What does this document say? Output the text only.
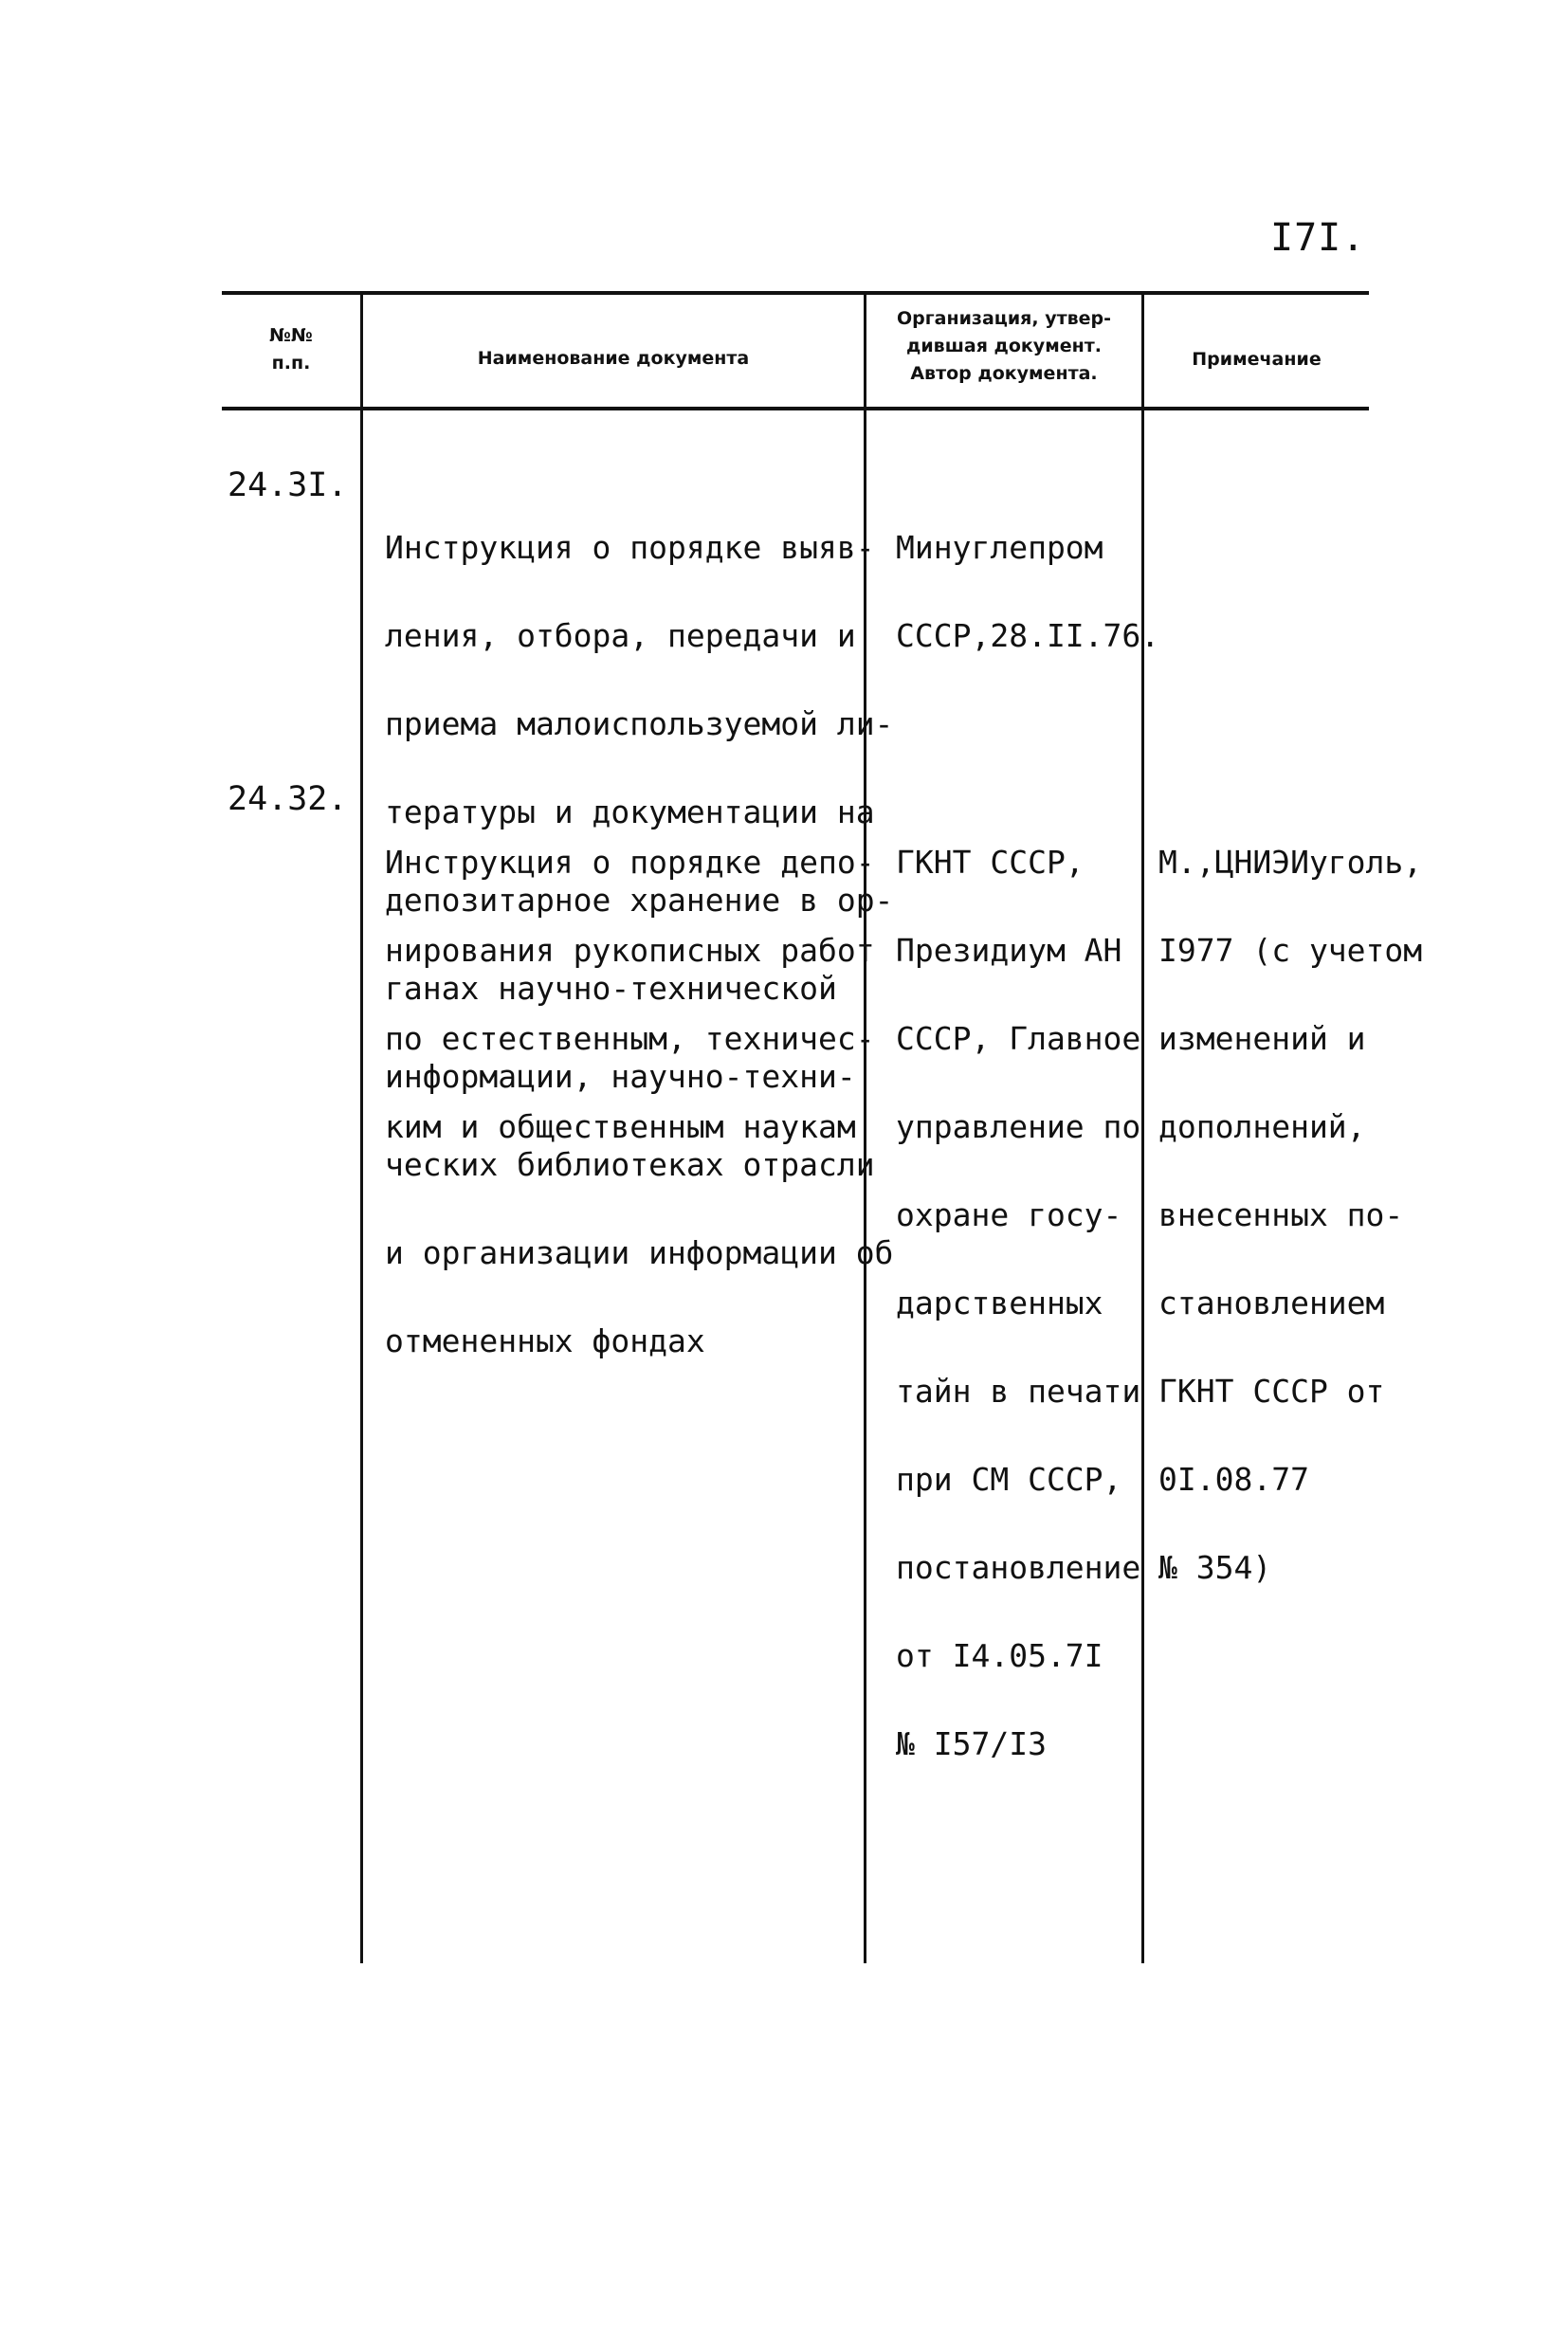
I7I.
№№
п.п.	Наименование документа
Организация, утвер-
дившая документ.
Автор документа.
Примечание
24.3I.

Инструкция о порядке выяв-

ления, отбора, передачи и

приема малоиспользуемой ли-

тературы и документации на

депозитарное хранение в ор-

ганах научно-технической

информации, научно-техни-

ческих библиотеках отрасли

и организации информации об

отмененных фондах

Минуглепром

СССР,28.II.76.

24.32.

Инструкция о порядке депо-

нирования рукописных работ

по естественным, техничес-

ким и общественным наукам

ГКНТ СССР,

Президиум АН

СССР, Главное

управление по

охране госу-

дарственных

тайн в печати

при СМ СССР,

постановление

от I4.05.7I

№ I57/I3

М.,ЦНИЭИуголь,

I977 (с учетом

изменений и

дополнений,

внесенных по-

становлением

ГКНТ СССР от

0I.08.77

№ 354)
